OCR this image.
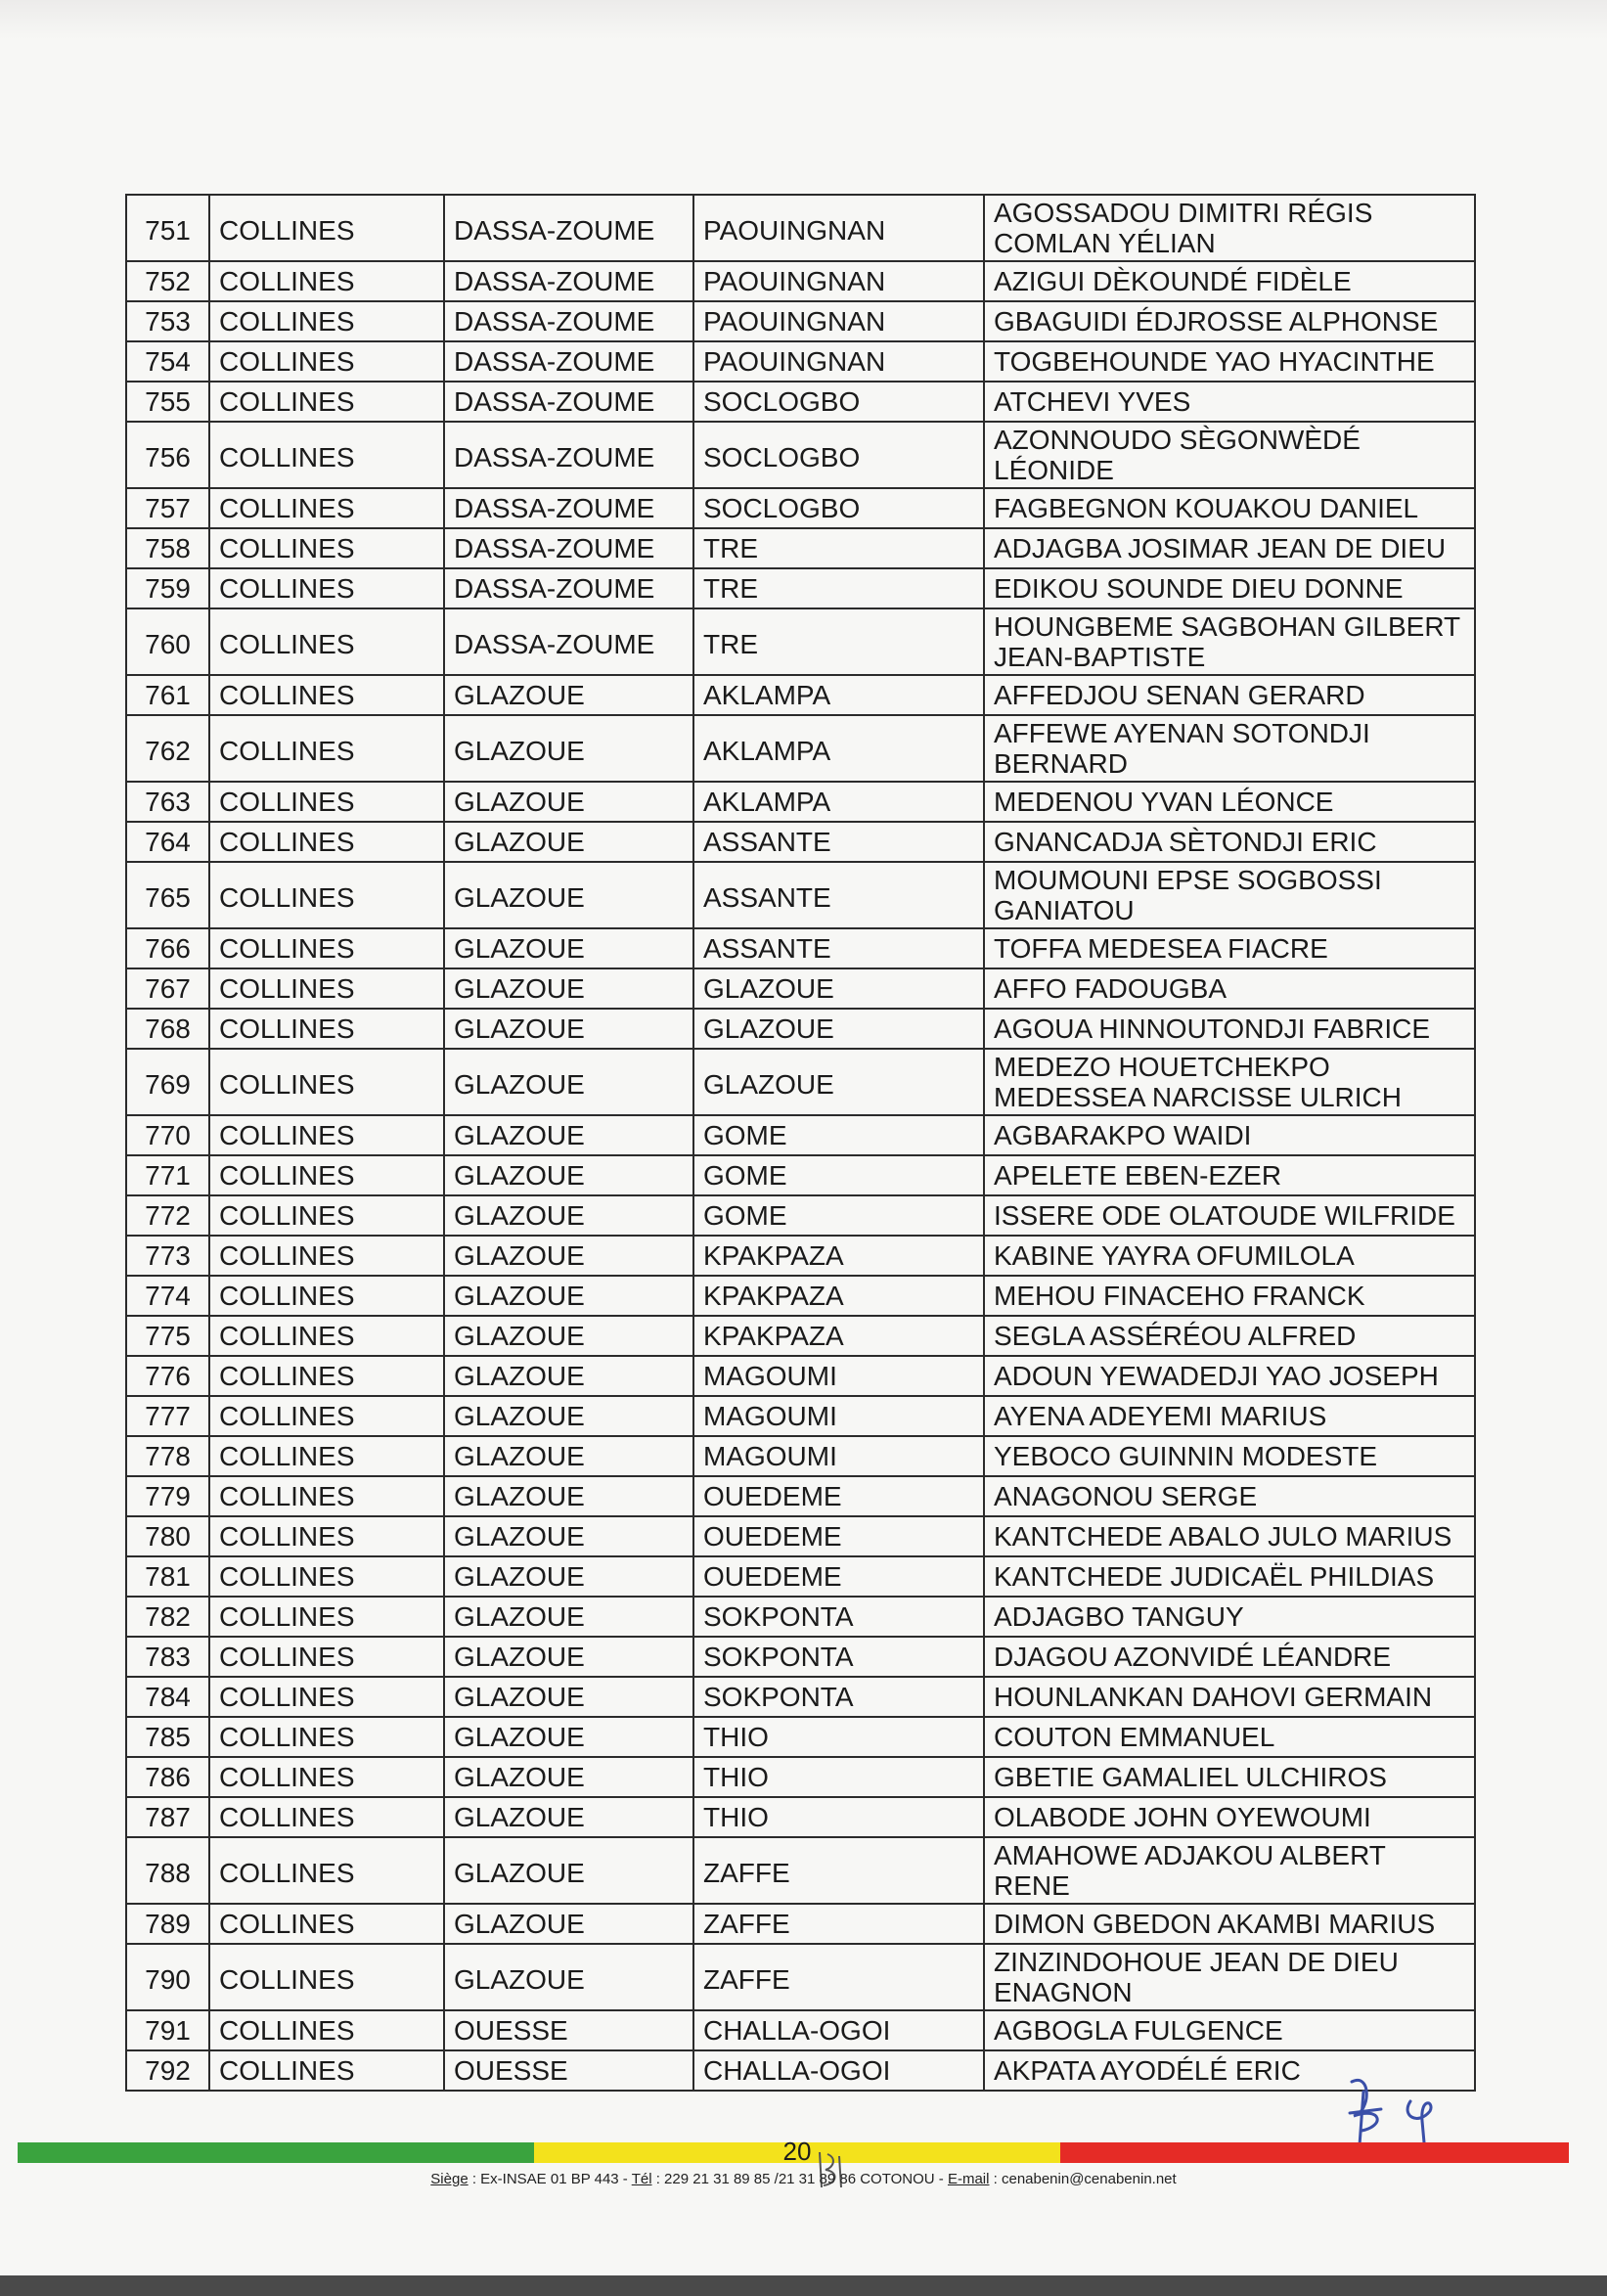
751	COLLINES	DASSA-ZOUME	PAOUINGNAN	AGOSSADOU DIMITRI RÉGIS COMLAN YÉLIAN
752	COLLINES	DASSA-ZOUME	PAOUINGNAN	AZIGUI DÈKOUNDÉ FIDÈLE
753	COLLINES	DASSA-ZOUME	PAOUINGNAN	GBAGUIDI ÉDJROSSE ALPHONSE
754	COLLINES	DASSA-ZOUME	PAOUINGNAN	TOGBEHOUNDE YAO HYACINTHE
755	COLLINES	DASSA-ZOUME	SOCLOGBO	ATCHEVI YVES
756	COLLINES	DASSA-ZOUME	SOCLOGBO	AZONNOUDO SÈGONWÈDÉ LÉONIDE
757	COLLINES	DASSA-ZOUME	SOCLOGBO	FAGBEGNON KOUAKOU DANIEL
758	COLLINES	DASSA-ZOUME	TRE	ADJAGBA JOSIMAR JEAN DE DIEU
759	COLLINES	DASSA-ZOUME	TRE	EDIKOU SOUNDE DIEU DONNE
760	COLLINES	DASSA-ZOUME	TRE	HOUNGBEME SAGBOHAN GILBERT JEAN-BAPTISTE
761	COLLINES	GLAZOUE	AKLAMPA	AFFEDJOU SENAN GERARD
762	COLLINES	GLAZOUE	AKLAMPA	AFFEWE AYENAN SOTONDJI BERNARD
763	COLLINES	GLAZOUE	AKLAMPA	MEDENOU YVAN LÉONCE
764	COLLINES	GLAZOUE	ASSANTE	GNANCADJA SÈTONDJI ERIC
765	COLLINES	GLAZOUE	ASSANTE	MOUMOUNI EPSE SOGBOSSI GANIATOU
766	COLLINES	GLAZOUE	ASSANTE	TOFFA MEDESEA FIACRE
767	COLLINES	GLAZOUE	GLAZOUE	AFFO FADOUGBA
768	COLLINES	GLAZOUE	GLAZOUE	AGOUA HINNOUTONDJI FABRICE
769	COLLINES	GLAZOUE	GLAZOUE	MEDEZO HOUETCHEKPO MEDESSEA NARCISSE ULRICH
770	COLLINES	GLAZOUE	GOME	AGBARAKPO WAIDI
771	COLLINES	GLAZOUE	GOME	APELETE EBEN-EZER
772	COLLINES	GLAZOUE	GOME	ISSERE ODE OLATOUDE WILFRIDE
773	COLLINES	GLAZOUE	KPAKPAZA	KABINE YAYRA OFUMILOLA
774	COLLINES	GLAZOUE	KPAKPAZA	MEHOU FINACEHO FRANCK
775	COLLINES	GLAZOUE	KPAKPAZA	SEGLA ASSÉRÉOU ALFRED
776	COLLINES	GLAZOUE	MAGOUMI	ADOUN YEWADEDJI YAO JOSEPH
777	COLLINES	GLAZOUE	MAGOUMI	AYENA ADEYEMI MARIUS
778	COLLINES	GLAZOUE	MAGOUMI	YEBOCO GUINNIN MODESTE
779	COLLINES	GLAZOUE	OUEDEME	ANAGONOU SERGE
780	COLLINES	GLAZOUE	OUEDEME	KANTCHEDE ABALO JULO MARIUS
781	COLLINES	GLAZOUE	OUEDEME	KANTCHEDE JUDICAËL PHILDIAS
782	COLLINES	GLAZOUE	SOKPONTA	ADJAGBO TANGUY
783	COLLINES	GLAZOUE	SOKPONTA	DJAGOU AZONVIDÉ LÉANDRE
784	COLLINES	GLAZOUE	SOKPONTA	HOUNLANKAN DAHOVI GERMAIN
785	COLLINES	GLAZOUE	THIO	COUTON EMMANUEL
786	COLLINES	GLAZOUE	THIO	GBETIE GAMALIEL ULCHIROS
787	COLLINES	GLAZOUE	THIO	OLABODE JOHN OYEWOUMI
788	COLLINES	GLAZOUE	ZAFFE	AMAHOWE ADJAKOU ALBERT RENE
789	COLLINES	GLAZOUE	ZAFFE	DIMON GBEDON AKAMBI MARIUS
790	COLLINES	GLAZOUE	ZAFFE	ZINZINDOHOUE JEAN DE DIEU ENAGNON
791	COLLINES	OUESSE	CHALLA-OGOI	AGBOGLA FULGENCE
792	COLLINES	OUESSE	CHALLA-OGOI	AKPATA AYODÉLÉ ERIC
20
Siège : Ex-INSAE 01 BP 443 - Tél : 229 21 31 89 85 /21 31 89 86 COTONOU - E-mail : cenabenin@cenabenin.net
